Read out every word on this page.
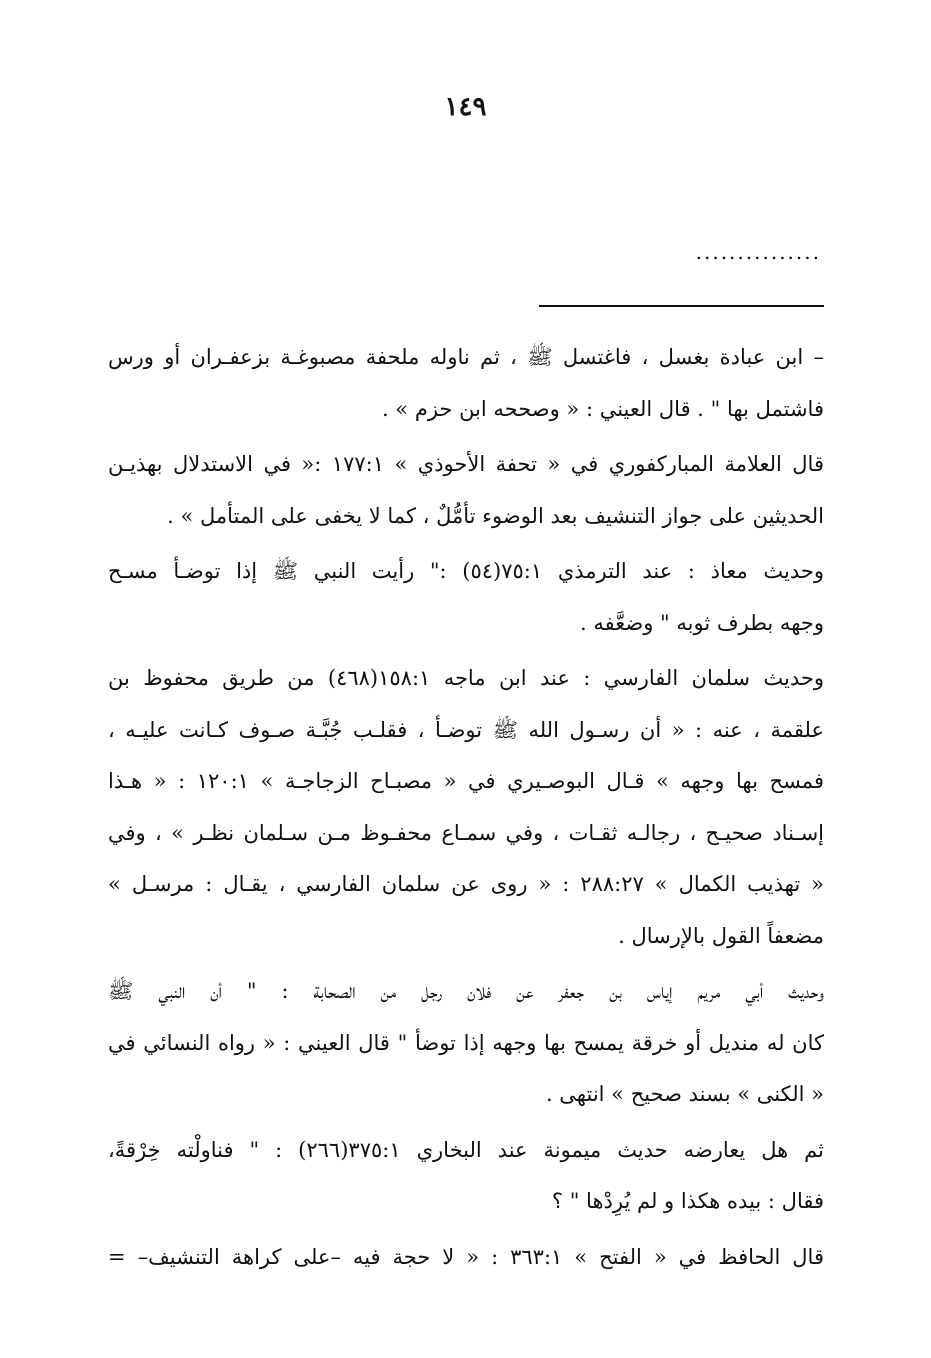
١٤٩
...............

– ابن عبادة بغسل ، فاغتسل ﷺ ، ثم ناوله ملحفة مصبوغـة بزعفـران أو ورس
فاشتمل بها " . قال العيني : « وصححه ابن حزم » .

قال العلامة المباركفوري في « تحفة الأحوذي » ١٧٧:١ :« في الاستدلال بهذيـن
الحديثين على جواز التنشيف بعد الوضوء تأمُّلٌ ، كما لا يخفى على المتأمل » .

وحديث معاذ : عند الترمذي ٧٥:١(٥٤) :" رأيت النبي ﷺ إذا توضـأ مسـح
وجهه بطرف ثوبه " وضعَّفه .

وحديث سلمان الفارسي : عند ابن ماجه ١٥٨:١(٤٦٨) من طريق محفوظ بن
علقمة ، عنه : « أن رسـول الله ﷺ توضـأ ، فقلـب جُبَّـة صـوف كـانت عليـه ،
فمسح بها وجهه » قـال البوصـيري في « مصبـاح الزجاجـة » ١٢٠:١ : « هـذا
إسـناد صحيـح ، رجالـه ثقـات ، وفي سمـاع محفـوظ مـن سـلمان نظـر » ، وفي
« تهذيب الكمال » ٢٨٨:٢٧ : « روى عن سلمان الفارسي ، يقـال : مرسـل »
مضعفاً القول بالإرسال .

وحديث أبي مريم إياس بن جعفر عن فلان رجل من الصحابة : " أن النبي ﷺ
كان له منديل أو خرقة يمسح بها وجهه إذا توضأ " قال العيني : « رواه النسائي في
« الكنى » بسند صحيح » انتهى .

ثم هل يعارضه حديث ميمونة عند البخاري ٣٧٥:١(٢٦٦) : " فناولْته خِرْقةً،
فقال : بيده هكذا و لم يُرِدْها " ؟

قال الحافظ في « الفتح » ٣٦٣:١ : « لا حجة فيه –على كراهة التنشيف– =
